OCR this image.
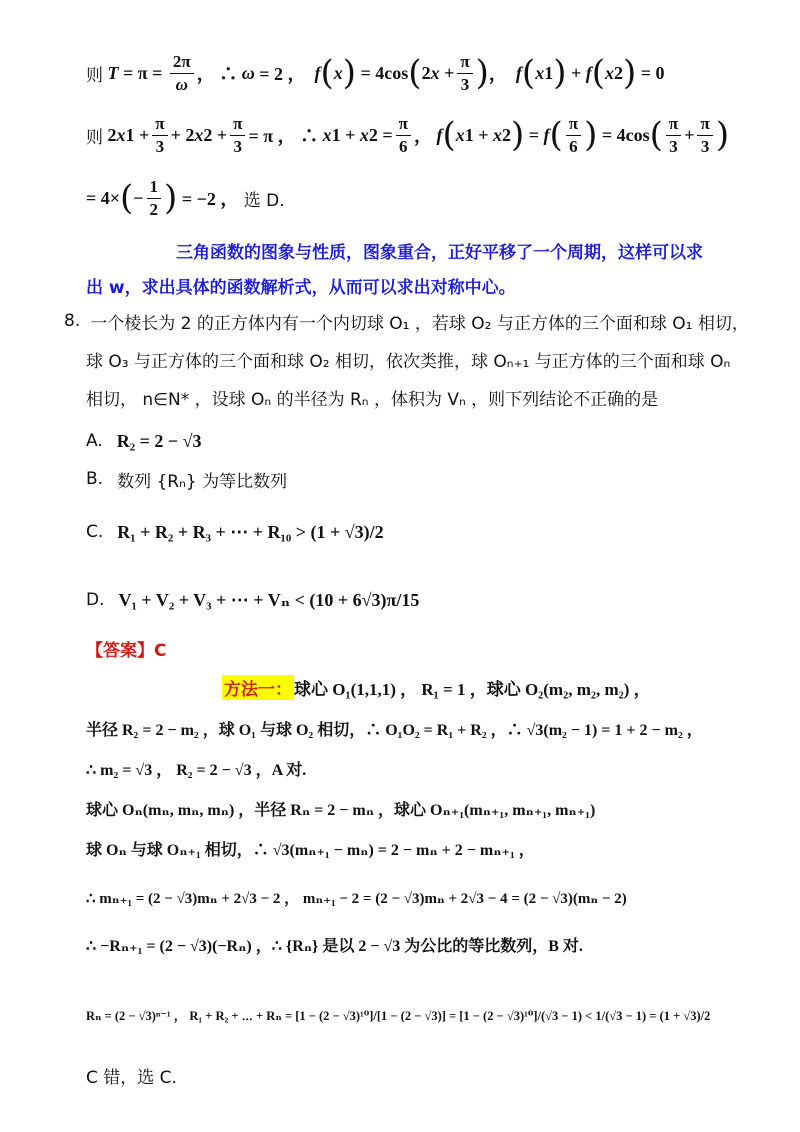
则 $T = \pi = \frac{2\pi}{\omega}$ ， ∴ ω = 2 ， f ( x ) = 4cos ( 2 $x + \frac{\pi}{3}$ ) ， f ( x 1 ) + f ( x 2 ) = 0
则 2 x $1 + \frac{\pi}{3} + 2$ x $2 + \frac{\pi}{3} = \pi$ ， ∴ x 1 + x $2 = \frac{\pi}{6}$ ， f ( x 1 + x 2 ) = f ( $\frac{\pi}{6}$ ) = 4cos ( $\frac{\pi}{3} + \frac{\pi}{3}$ )
= 4× ( − $\frac{1}{2}$ ) = −2 ， 选 D.
三角函数的图象与性质，图象重合，正好平移了一个周期，这样可以求
出 w，求出具体的函数解析式，从而可以求出对称中心。
8. 一个棱长为 2 的正方体内有一个内切球 O₁ ，若球 O₂ 与正方体的三个面和球 O₁ 相切，
球 O₃ 与正方体的三个面和球 O₂ 相切，依次类推，球 Oₙ₊₁ 与正方体的三个面和球 Oₙ
相切， n∈N* ，设球 Oₙ 的半径为 Rₙ ，体积为 Vₙ ，则下列结论不正确的是
A. R₂ = 2 − √3
B. 数列 {Rₙ} 为等比数列
C. R₁ + R₂ + R₃ + ⋯ + R₁₀ > (1 + √3)/2
D. V₁ + V₂ + V₃ + ⋯ + Vₙ < (10 + 6√3)π/15
【答案】C
方法一： 球心 O₁(1,1,1) ， R₁ = 1 ，球心 O₂(m₂, m₂, m₂) ，
半径 R₂ = 2 − m₂ ，球 O₁ 与球 O₂ 相切，∴ O₁O₂ = R₁ + R₂ ，∴ √3(m₂ − 1) = 1 + 2 − m₂ ，
∴ m₂ = √3 ， R₂ = 2 − √3 ，A 对.
球心 Oₙ(mₙ, mₙ, mₙ) ，半径 Rₙ = 2 − mₙ ，球心 Oₙ₊₁(mₙ₊₁, mₙ₊₁, mₙ₊₁)
球 Oₙ 与球 Oₙ₊₁ 相切，∴ √3(mₙ₊₁ − mₙ) = 2 − mₙ + 2 − mₙ₊₁ ，
∴ mₙ₊₁ = (2 − √3)mₙ + 2√3 − 2 ， mₙ₊₁ − 2 = (2 − √3)mₙ + 2√3 − 4 = (2 − √3)(mₙ − 2)
∴ −Rₙ₊₁ = (2 − √3)(−Rₙ) ，∴ {Rₙ} 是以 2 − √3 为公比的等比数列，B 对.
Rₙ = (2 − √3)ⁿ⁻¹ ， R₁ + R₂ + ⋯ + Rₙ = [1 − (2 − √3)¹⁰]/[1 − (2 − √3)] = [1 − (2 − √3)¹⁰]/(√3 − 1) < 1/(√3 − 1) = (1 + √3)/2
C 错，选 C.
